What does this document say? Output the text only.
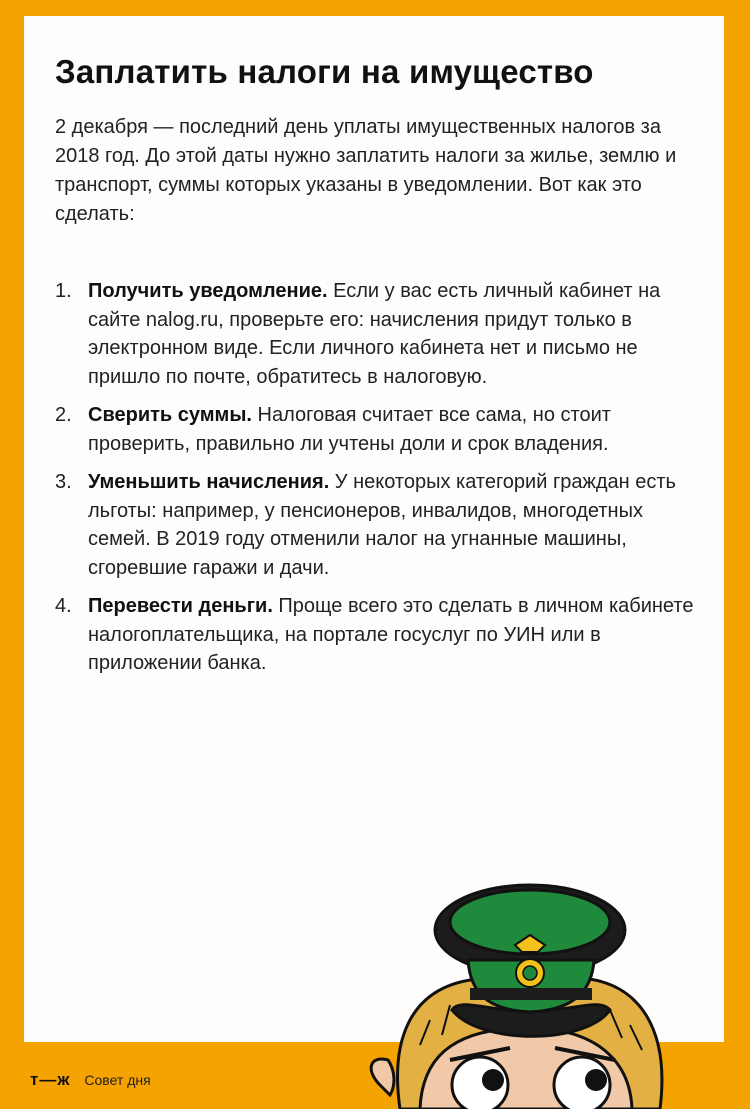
Заплатить налоги на имущество

2 декабря — последний день уплаты имущественных налогов за 2018 год. До этой даты нужно заплатить налоги за жилье, землю и транспорт, суммы которых указаны в уведомлении. Вот как это сделать:

1. Получить уведомление. Если у вас есть личный кабинет на сайте nalog.ru, проверьте его: начисления придут только в электронном виде. Если личного кабинета нет и письмо не пришло по почте, обратитесь в налоговую.
2. Сверить суммы. Налоговая считает все сама, но стоит проверить, правильно ли учтены доли и срок владения.
3. Уменьшить начисления. У некоторых категорий граждан есть льготы: например, у пенсионеров, инвалидов, многодетных семей. В 2019 году отменили налог на угнанные машины, сгоревшие гаражи и дачи.
4. Перевести деньги. Проще всего это сделать в личном кабинете налогоплательщика, на портале госуслуг по УИН или в приложении банка.
т—ж Совет дня
